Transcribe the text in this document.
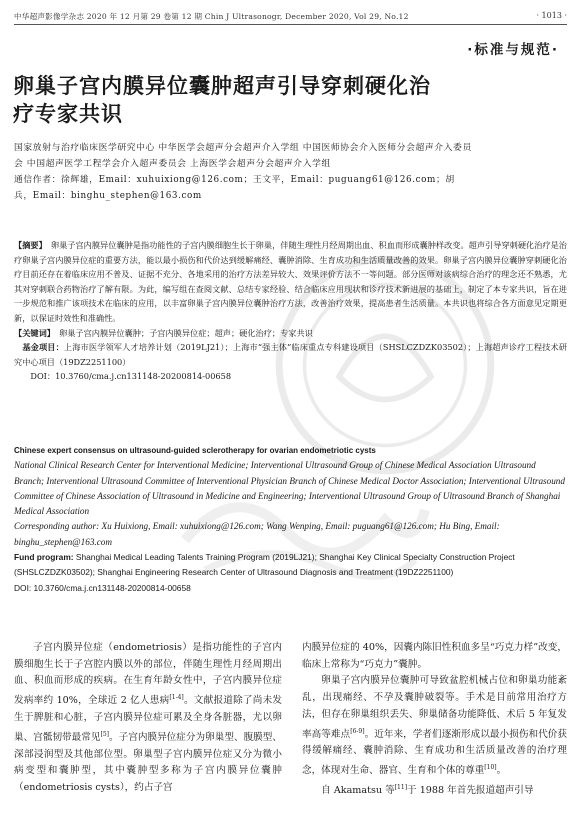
中华超声影像学杂志 2020 年 12 月第 29 卷第 12 期 Chin J Ultrasonogr, December 2020, Vol 29, No.12	· 1013 ·
·标准与规范·
卵巢子宫内膜异位囊肿超声引导穿刺硬化治疗专家共识
国家放射与治疗临床医学研究中心 中华医学会超声分会超声介入学组 中国医师协会介入医师分会超声介入委员会 中国超声医学工程学会介入超声委员会 上海医学会超声分会超声介入学组
通信作者：徐辉雄，Email：xuhuixiong@126.com；王文平，Email：puguang61@126.com；胡兵，Email：binghu_stephen@163.com

【摘要】　 卵巢子宫内膜异位囊肿是指功能性的子宫内膜细胞生长于卵巢，伴随生理性月经周期出血、积血而形成囊肿样改变。超声引导穿刺硬化治疗是治疗卵巢子宫内膜异位症的重要方法，能以最小损伤和代价达到缓解痛经、囊肿消除、生育成功和生活质量改善的效果。卵巢子宫内膜异位囊肿穿刺硬化治疗目前还存在着临床应用不普及、证据不充分、各地采用的治疗方法差异较大、效果评价方法不一等问题。部分医师对该病综合治疗的理念还不熟悉，尤其对穿刺联合药物治疗了解有限。为此，编写组在查阅文献、总结专家经验、结合临床应用现状和诊疗技术新进展的基础上，制定了本专家共识，旨在进一步规范和推广该项技术在临床的应用，以丰富卵巢子宫内膜异位囊肿治疗方法，改善治疗效果，提高患者生活质量。本共识也将综合各方面意见定期更新，以保证时效性和准确性。

【关键词】　 卵巢子宫内膜异位囊肿；子宫内膜异位症；超声；硬化治疗；专家共识

　基金项目：上海市医学领军人才培养计划（2019LJ21）；上海市“强主体”临床重点专科建设项目（SHSLCZDZK03502）；上海超声诊疗工程技术研究中心项目（19DZ2251100）

　　DOI：10.3760/cma.j.cn131148-20200814-00658

Chinese expert consensus on ultrasound-guided sclerotherapy for ovarian endometriotic cysts

National Clinical Research Center for Interventional Medicine; Interventional Ultrasound Group of Chinese Medical Association Ultrasound Branch; Interventional Ultrasound Committee of Interventional Physician Branch of Chinese Medical Doctor Association; Interventional Ultrasound Committee of Chinese Association of Ultrasound in Medicine and Engineering; Interventional Ultrasound Group of Ultrasound Branch of Shanghai Medical Association

Corresponding author: Xu Huixiong, Email: xuhuixiong@126.com; Wang Wenping, Email: puguang61@126.com; Hu Bing, Email: binghu_stephen@163.com

Fund program: Shanghai Medical Leading Talents Training Program (2019LJ21); Shanghai Key Clinical Specialty Construction Project (SHSLCZDZK03502); Shanghai Engineering Research Center of Ultrasound Diagnosis and Treatment (19DZ2251100)

DOI: 10.3760/cma.j.cn131148-20200814-00658

子宫内膜异位症（endometriosis）是指功能性的子宫内膜细胞生长于子宫腔内膜以外的部位，伴随生理性月经周期出血、积血而形成的疾病。在生育年龄女性中，子宫内膜异位症发病率约 10%，全球近 2 亿人患病[1-4]。文献报道除了尚未发生于脾脏和心脏，子宫内膜异位症可累及全身各脏器，尤以卵巢、宫骶韧带最常见[5]。子宫内膜异位症分为卵巢型、腹膜型、深部浸润型及其他部位型。卵巢型子宫内膜异位症又分为微小病变型和囊肿型，其中囊肿型多称为子宫内膜异位囊肿（endometriosis cysts），约占子宫

内膜异位症的 40%，因囊内陈旧性积血多呈“巧克力样”改变，临床上常称为“巧克力”囊肿。

卵巢子宫内膜异位囊肿可导致盆腔机械占位和卵巢功能紊乱，出现痛经、不孕及囊肿破裂等。手术是目前常用治疗方法，但存在卵巢组织丢失、卵巢储备功能降低、术后 5 年复发率高等难点[6-9]。近年来，学者们逐渐形成以最小损伤和代价获得缓解痛经、囊肿消除、生育成功和生活质量改善的治疗理念，体现对生命、器官、生育和个体的尊重[10]。

自 Akamatsu 等[11]于 1988 年首先报道超声引导
